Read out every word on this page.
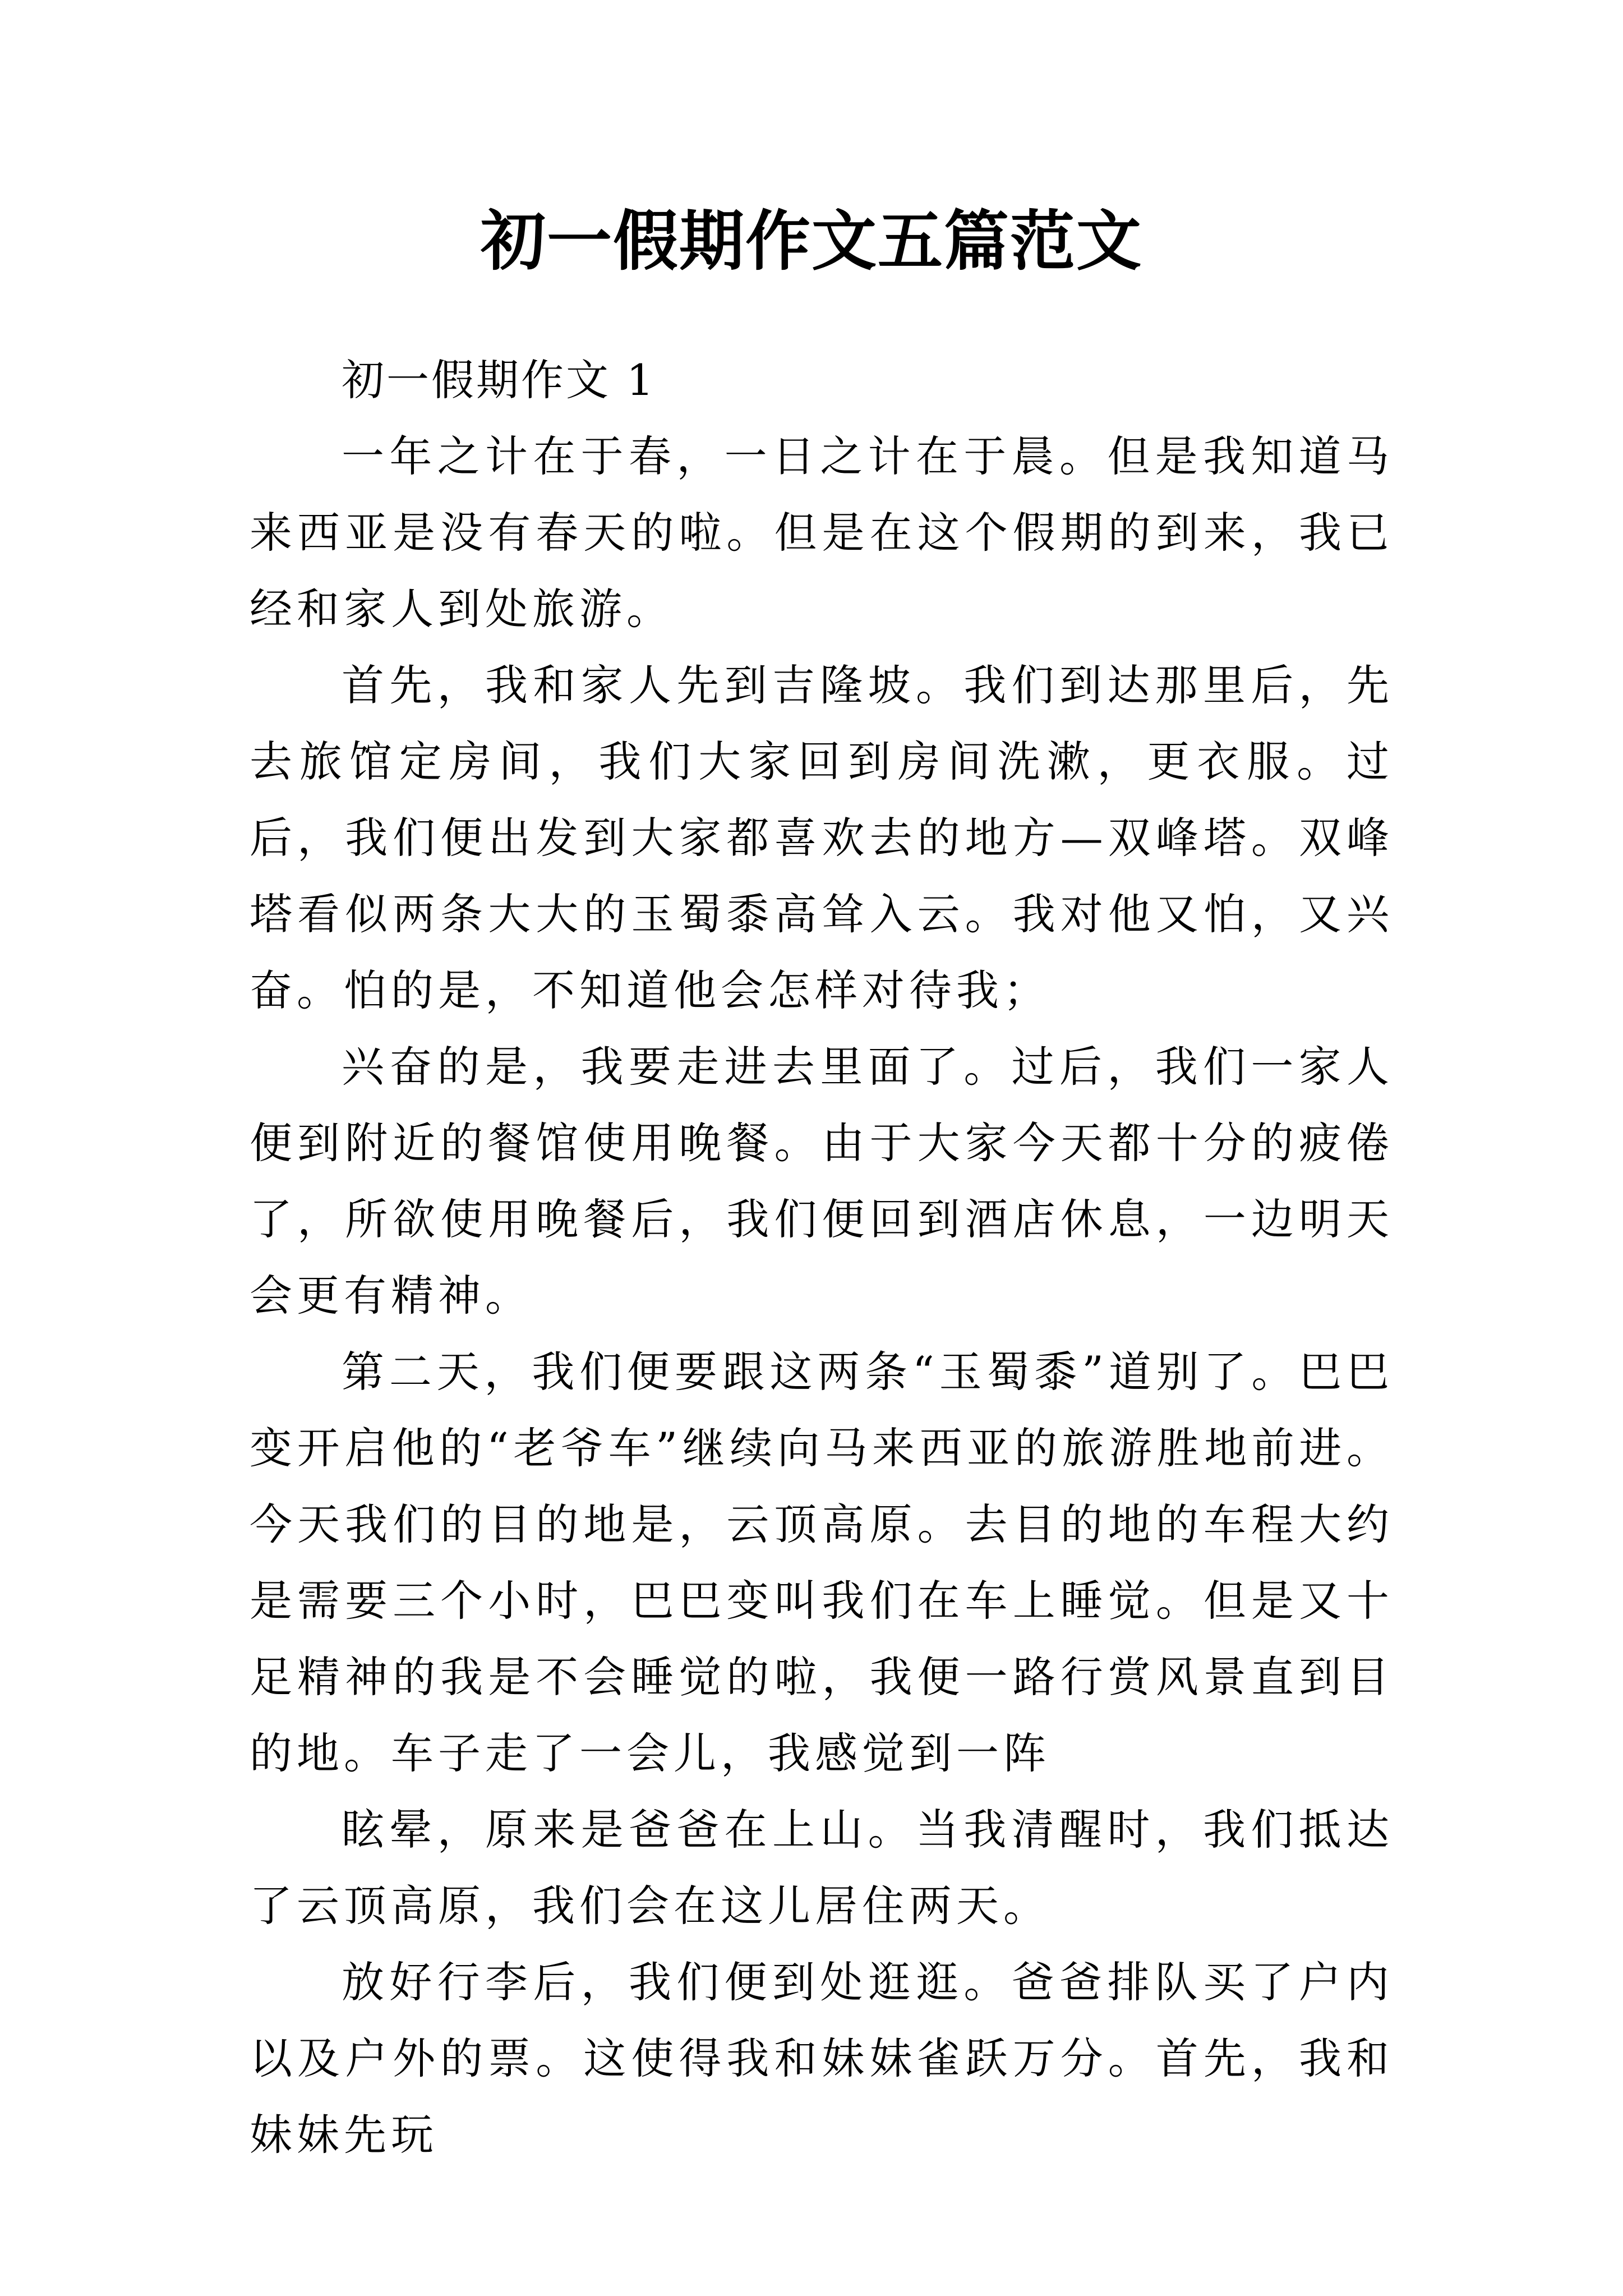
初一假期作文五篇范文

初一假期作文 1

一年之计在于春，一日之计在于晨。但是我知道马来西亚是没有春天的啦。但是在这个假期的到来，我已经和家人到处旅游。

首先，我和家人先到吉隆坡。我们到达那里后，先去旅馆定房间，我们大家回到房间洗漱，更衣服。过后，我们便出发到大家都喜欢去的地方—双峰塔。双峰塔看似两条大大的玉蜀黍高耸入云。我对他又怕，又兴奋。怕的是，不知道他会怎样对待我；

兴奋的是，我要走进去里面了。过后，我们一家人便到附近的餐馆使用晚餐。由于大家今天都十分的疲倦了，所欲使用晚餐后，我们便回到酒店休息，一边明天会更有精神。

第二天，我们便要跟这两条“玉蜀黍”道别了。巴巴变开启他的“老爷车”继续向马来西亚的旅游胜地前进。今天我们的目的地是，云顶高原。去目的地的车程大约是需要三个小时，巴巴变叫我们在车上睡觉。但是又十足精神的我是不会睡觉的啦，我便一路行赏风景直到目的地。车子走了一会儿，我感觉到一阵

眩晕，原来是爸爸在上山。当我清醒时，我们抵达了云顶高原，我们会在这儿居住两天。

放好行李后，我们便到处逛逛。爸爸排队买了户内以及户外的票。这使得我和妹妹雀跃万分。首先，我和妹妹先玩
